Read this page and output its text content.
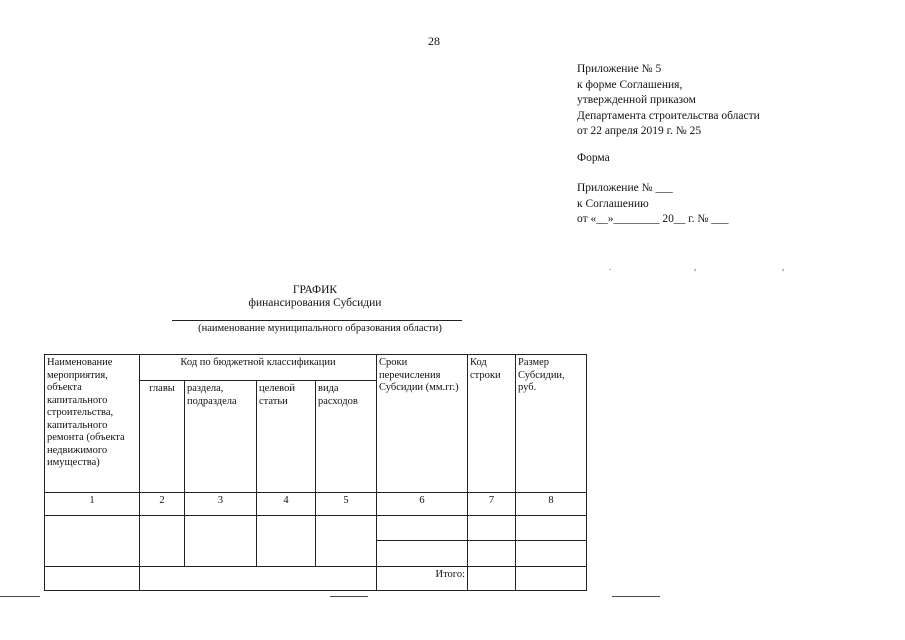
28
Приложение № 5
к форме Соглашения,
утвержденной приказом
Департамента строительства области
от 22 апреля 2019 г. № 25
Форма
Приложение № ___
к Соглашению
от «__»________ 20__ г. № ___
.	,	,
ГРАФИК
финансирования Субсидии
(наименование муниципального образования области)
Наименование мероприятия, объекта капитального строительства, капитального ремонта (объекта недвижимого имущества)	Код по бюджетной классификации				Сроки перечисления Субсидии (мм.гг.)	Код строки	Размер Субсидии, руб.
	главы	раздела, подраздела	целевой статьи	вида расходов			
1	2	3	4	5	6	7	8

					Итого:		
